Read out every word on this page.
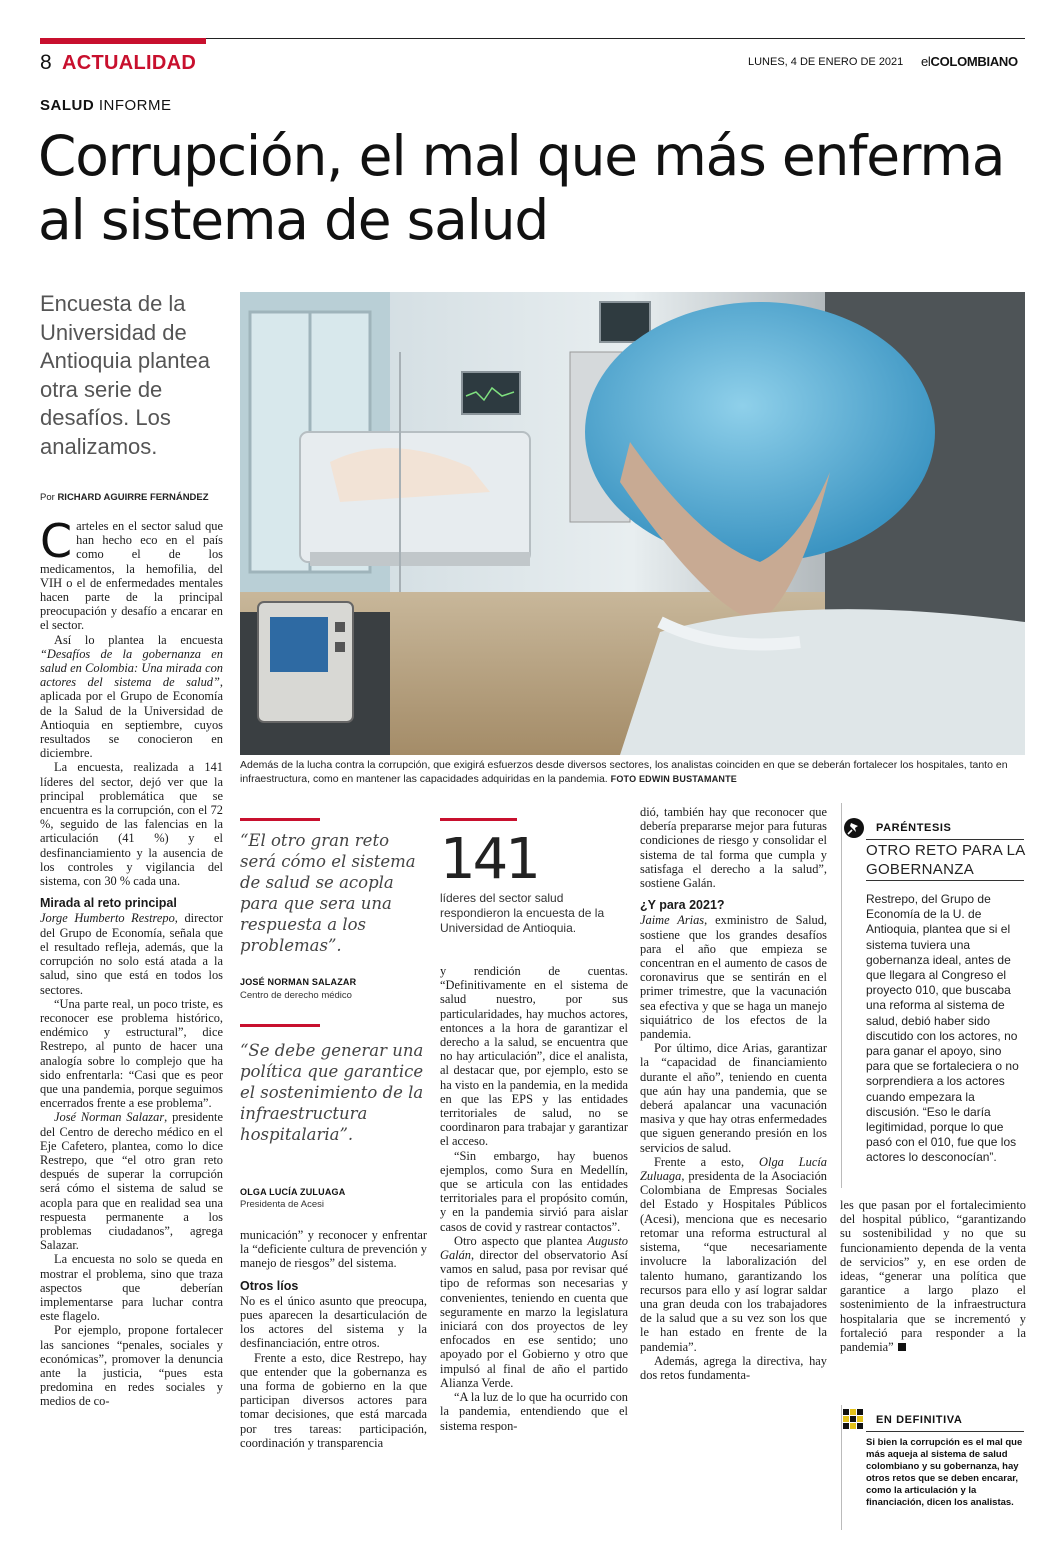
8 ACTUALIDAD	LUNES, 4 DE ENERO DE 2021 elCOLOMBIANO
SALUD INFORME
Corrupción, el mal que más enferma al sistema de salud
Encuesta de la Universidad de Antioquia plantea otra serie de desafíos. Los analizamos.
Por RICHARD AGUIRRE FERNÁNDEZ
Además de la lucha contra la corrupción, que exigirá esfuerzos desde diversos sectores, los analistas coinciden en que se deberán fortalecer los hospitales, tanto en infraestructura, como en mantener las capacidades adquiridas en la pandemia. FOTO EDWIN BUSTAMANTE

Carteles en el sector salud que han hecho eco en el país como el de los medicamentos, la hemofilia, del VIH o el de enfermedades mentales hacen parte de la principal preocupación y desafío a encarar en el sector.

Así lo plantea la encuesta “Desafíos de la gobernanza en salud en Colombia: Una mirada con actores del sistema de salud”, aplicada por el Grupo de Economía de la Salud de la Universidad de Antioquia en septiembre, cuyos resultados se conocieron en diciembre.

La encuesta, realizada a 141 líderes del sector, dejó ver que la principal problemática que se encuentra es la corrupción, con el 72 %, seguido de las falencias en la articulación (41 %) y el desfinanciamiento y la ausencia de los controles y vigilancia del sistema, con 30 % cada una.

Mirada al reto principal

Jorge Humberto Restrepo, director del Grupo de Economía, señala que el resultado refleja, además, que la corrupción no solo está atada a la salud, sino que está en todos los sectores.

“Una parte real, un poco triste, es reconocer ese problema histórico, endémico y estructural”, dice Restrepo, al punto de hacer una analogía sobre lo complejo que ha sido enfrentarla: “Casi que es peor que una pandemia, porque seguimos encerrados frente a ese problema”.

José Norman Salazar, presidente del Centro de derecho médico en el Eje Cafetero, plantea, como lo dice Restrepo, que “el otro gran reto después de superar la corrupción será cómo el sistema de salud se acopla para que en realidad sea una respuesta permanente a los problemas ciudadanos”, agrega Salazar.

La encuesta no solo se queda en mostrar el problema, sino que traza aspectos que deberían implementarse para luchar contra este flagelo.

Por ejemplo, propone fortalecer las sanciones “penales, sociales y económicas”, promover la denuncia ante la justicia, “pues esta predomina en redes sociales y medios de co-

“El otro gran reto será cómo el sistema de salud se acopla para que sera una respuesta a los problemas”.
JOSÉ NORMAN SALAZAR
Centro de derecho médico
“Se debe generar una política que garantice el sostenimiento de la infraestructura hospitalaria”.
OLGA LUCÍA ZULUAGA
Presidenta de Acesi

municación” y reconocer y enfrentar la “deficiente cultura de prevención y manejo de riesgos” del sistema.

Otros líos

No es el único asunto que preocupa, pues aparecen la desarticulación de los actores del sistema y la desfinanciación, entre otros.

Frente a esto, dice Restrepo, hay que entender que la gobernanza es una forma de gobierno en la que participan diversos actores para tomar decisiones, que está marcada por tres tareas: participación, coordinación y transparencia

141
líderes del sector salud respondieron la encuesta de la Universidad de Antioquia.

y rendición de cuentas. “Definitivamente en el sistema de salud nuestro, por sus particularidades, hay muchos actores, entonces a la hora de garantizar el derecho a la salud, se encuentra que no hay articulación”, dice el analista, al destacar que, por ejemplo, esto se ha visto en la pandemia, en la medida en que las EPS y las entidades territoriales de salud, no se coordinaron para trabajar y garantizar el acceso.

“Sin embargo, hay buenos ejemplos, como Sura en Medellín, que se articula con las entidades territoriales para el propósito común, y en la pandemia sirvió para aislar casos de covid y rastrear contactos”.

Otro aspecto que plantea Augusto Galán, director del observatorio Así vamos en salud, pasa por revisar qué tipo de reformas son necesarias y convenientes, teniendo en cuenta que seguramente en marzo la legislatura iniciará con dos proyectos de ley enfocados en ese sentido; uno apoyado por el Gobierno y otro que impulsó al final de año el partido Alianza Verde.

“A la luz de lo que ha ocurrido con la pandemia, entendiendo que el sistema respon-

dió, también hay que reconocer que debería prepararse mejor para futuras condiciones de riesgo y consolidar el sistema de tal forma que cumpla y satisfaga el derecho a la salud”, sostiene Galán.

¿Y para 2021?

Jaime Arias, exministro de Salud, sostiene que los grandes desafíos para el año que empieza se concentran en el aumento de casos de coronavirus que se sentirán en el primer trimestre, que la vacunación sea efectiva y que se haga un manejo siquiátrico de los efectos de la pandemia.

Por último, dice Arias, garantizar la “capacidad de financiamiento durante el año”, teniendo en cuenta que aún hay una pandemia, que se deberá apalancar una vacunación masiva y que hay otras enfermedades que siguen generando presión en los servicios de salud.

Frente a esto, Olga Lucía Zuluaga, presidenta de la Asociación Colombiana de Empresas Sociales del Estado y Hospitales Públicos (Acesi), menciona que es necesario retomar una reforma estructural al sistema, “que necesariamente involucre la laboralización del talento humano, garantizando los recursos para ello y así lograr saldar una gran deuda con los trabajadores de la salud que a su vez son los que le han estado en frente de la pandemia”.

Además, agrega la directiva, hay dos retos fundamenta-

PARÉNTESIS
OTRO RETO PARA LA GOBERNANZA
Restrepo, del Grupo de Economía de la U. de Antioquia, plantea que si el sistema tuviera una gobernanza ideal, antes de que llegara al Congreso el proyecto 010, que buscaba una reforma al sistema de salud, debió haber sido discutido con los actores, no para ganar el apoyo, sino para que se fortaleciera o no sorprendiera a los actores cuando empezara la discusión. “Eso le daría legitimidad, porque lo que pasó con el 010, fue que los actores lo desconocían”.

les que pasan por el fortalecimiento del hospital público, “garantizando su sostenibilidad y no que su funcionamiento dependa de la venta de servicios” y, en ese orden de ideas, “generar una política que garantice a largo plazo el sostenimiento de la infraestructura hospitalaria que se incrementó y fortaleció para responder a la pandemia”

EN DEFINITIVA
Si bien la corrupción es el mal que más aqueja al sistema de salud colombiano y su gobernanza, hay otros retos que se deben encarar, como la articulación y la financiación, dicen los analistas.
